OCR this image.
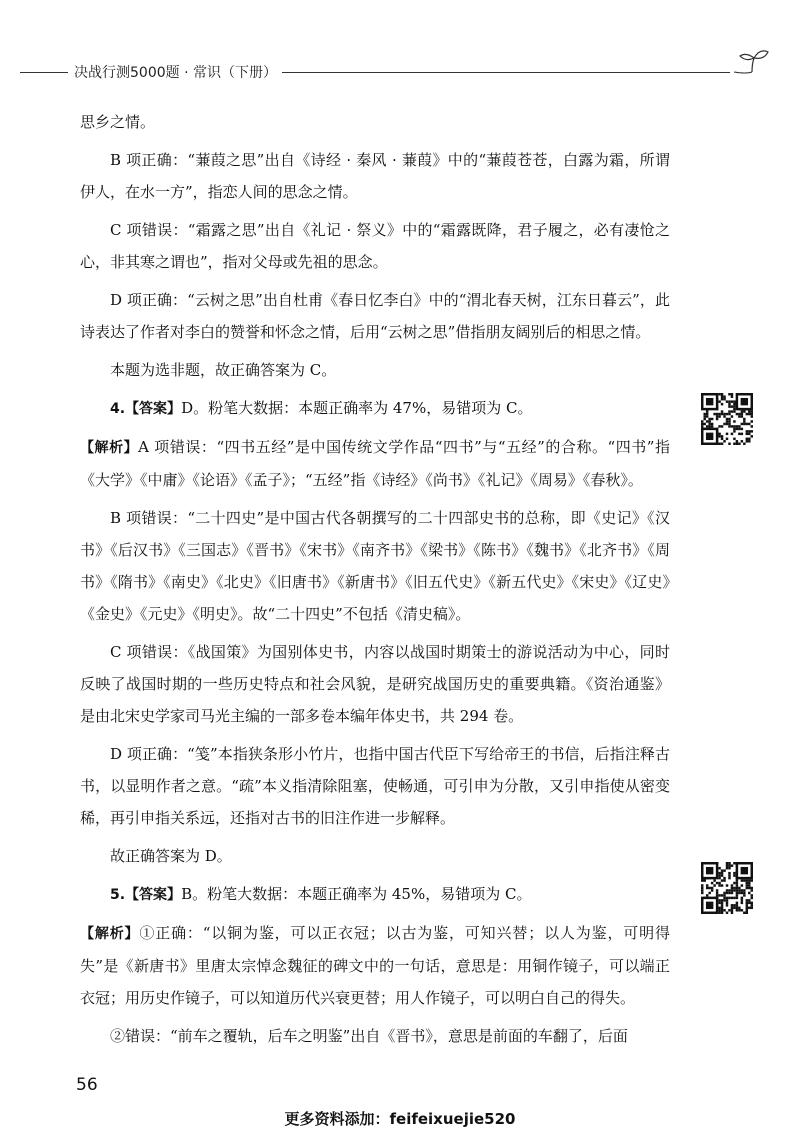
决战行测5000题 · 常识（下册）

思乡之情。

B 项正确：“蒹葭之思”出自《诗经 · 秦风 · 蒹葭》中的“蒹葭苍苍，白露为霜，所谓伊人，在水一方”，指恋人间的思念之情。

C 项错误：“霜露之思”出自《礼记 · 祭义》中的“霜露既降，君子履之，必有凄怆之心，非其寒之谓也”，指对父母或先祖的思念。

D 项正确：“云树之思”出自杜甫《春日忆李白》中的“渭北春天树，江东日暮云”，此诗表达了作者对李白的赞誉和怀念之情，后用“云树之思”借指朋友阔别后的相思之情。

本题为选非题，故正确答案为 C。

4.【答案】D。粉笔大数据：本题正确率为 47%，易错项为 C。

【解析】A 项错误：“四书五经”是中国传统文学作品“四书”与“五经”的合称。“四书”指《大学》《中庸》《论语》《孟子》；“五经”指《诗经》《尚书》《礼记》《周易》《春秋》。

B 项错误：“二十四史”是中国古代各朝撰写的二十四部史书的总称，即《史记》《汉书》《后汉书》《三国志》《晋书》《宋书》《南齐书》《梁书》《陈书》《魏书》《北齐书》《周书》《隋书》《南史》《北史》《旧唐书》《新唐书》《旧五代史》《新五代史》《宋史》《辽史》《金史》《元史》《明史》。故“二十四史”不包括《清史稿》。

C 项错误：《战国策》为国别体史书，内容以战国时期策士的游说活动为中心，同时反映了战国时期的一些历史特点和社会风貌，是研究战国历史的重要典籍。《资治通鉴》是由北宋史学家司马光主编的一部多卷本编年体史书，共 294 卷。

D 项正确：“笺”本指狭条形小竹片，也指中国古代臣下写给帝王的书信，后指注释古书，以显明作者之意。“疏”本义指清除阻塞，使畅通，可引申为分散，又引申指使从密变稀，再引申指关系远，还指对古书的旧注作进一步解释。

故正确答案为 D。

5.【答案】B。粉笔大数据：本题正确率为 45%，易错项为 C。

【解析】①正确：“以铜为鉴，可以正衣冠；以古为鉴，可知兴替；以人为鉴，可明得失”是《新唐书》里唐太宗悼念魏征的碑文中的一句话，意思是：用铜作镜子，可以端正衣冠；用历史作镜子，可以知道历代兴衰更替；用人作镜子，可以明白自己的得失。

②错误：“前车之覆轨，后车之明鉴”出自《晋书》，意思是前面的车翻了，后面

56
更多资料添加：feifeixuejie520
